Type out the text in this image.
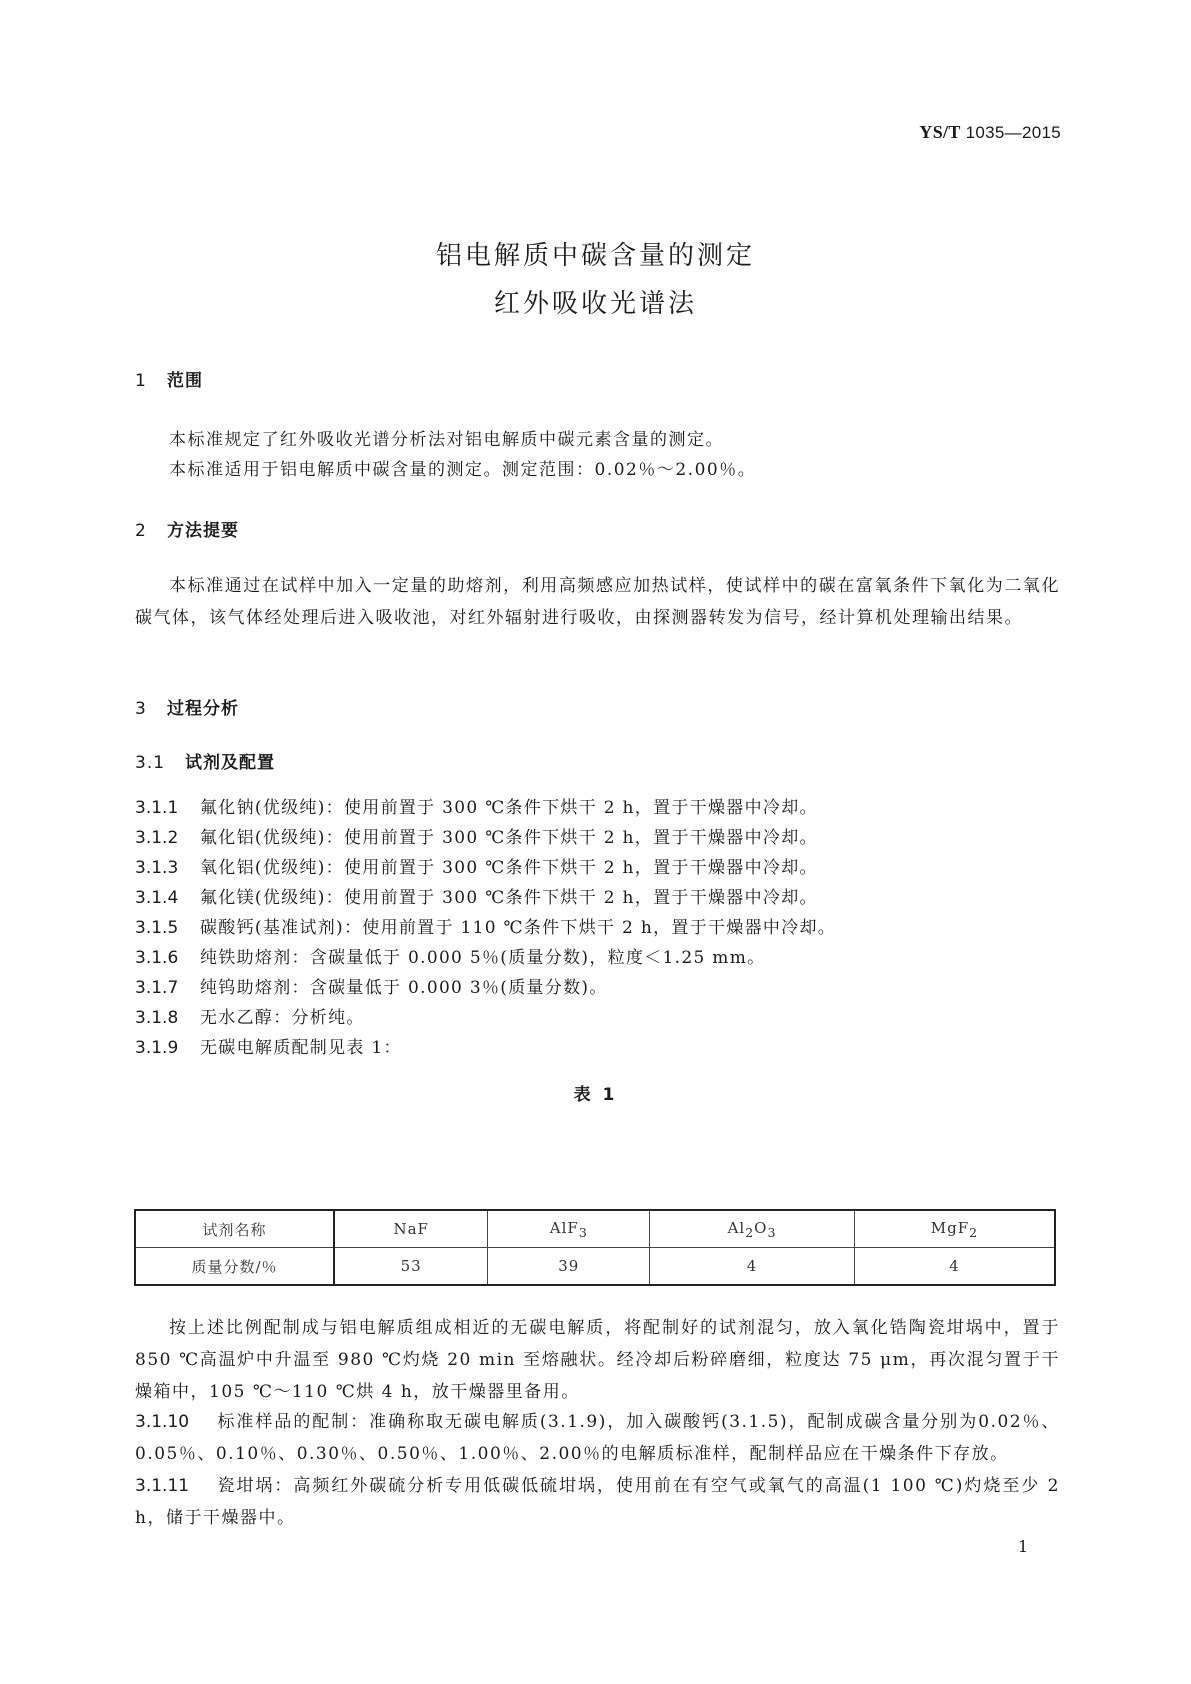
YS/T 1035—2015
铝电解质中碳含量的测定
红外吸收光谱法
1 范围
本标准规定了红外吸收光谱分析法对铝电解质中碳元素含量的测定。
本标准适用于铝电解质中碳含量的测定。测定范围：0.02％～2.00％。
2 方法提要
本标准通过在试样中加入一定量的助熔剂，利用高频感应加热试样，使试样中的碳在富氧条件下氧化为二氧化碳气体，该气体经处理后进入吸收池，对红外辐射进行吸收，由探测器转发为信号，经计算机处理输出结果。
3 过程分析
3.1 试剂及配置
3.1.1 氟化钠(优级纯)：使用前置于 300 ℃条件下烘干 2 h，置于干燥器中冷却。
3.1.2 氟化铝(优级纯)：使用前置于 300 ℃条件下烘干 2 h，置于干燥器中冷却。
3.1.3 氧化铝(优级纯)：使用前置于 300 ℃条件下烘干 2 h，置于干燥器中冷却。
3.1.4 氟化镁(优级纯)：使用前置于 300 ℃条件下烘干 2 h，置于干燥器中冷却。
3.1.5 碳酸钙(基准试剂)：使用前置于 110 ℃条件下烘干 2 h，置于干燥器中冷却。
3.1.6 纯铁助熔剂：含碳量低于 0.000 5％(质量分数)，粒度＜1.25 mm。
3.1.7 纯钨助熔剂：含碳量低于 0.000 3％(质量分数)。
3.1.8 无水乙醇：分析纯。
3.1.9 无碳电解质配制见表 1：
表 1
试剂名称	NaF	AlF$_3$	$Al_2O_3$	MgF$_2$
质量分数/％	53	39	4	4
按上述比例配制成与铝电解质组成相近的无碳电解质，将配制好的试剂混匀，放入氧化锆陶瓷坩埚中，置于 850 ℃高温炉中升温至 980 ℃灼烧 20 min 至熔融状。经冷却后粉碎磨细，粒度达 75 μm，再次混匀置于干燥箱中，105 ℃～110 ℃烘 4 h，放干燥器里备用。
3.1.10 标准样品的配制：准确称取无碳电解质(3.1.9)，加入碳酸钙(3.1.5)，配制成碳含量分别为0.02％、0.05％、0.10％、0.30％、0.50％、1.00％、2.00％的电解质标准样，配制样品应在干燥条件下存放。
3.1.11 瓷坩埚：高频红外碳硫分析专用低碳低硫坩埚，使用前在有空气或氧气的高温(1 100 ℃)灼烧至少 2 h，储于干燥器中。
1
